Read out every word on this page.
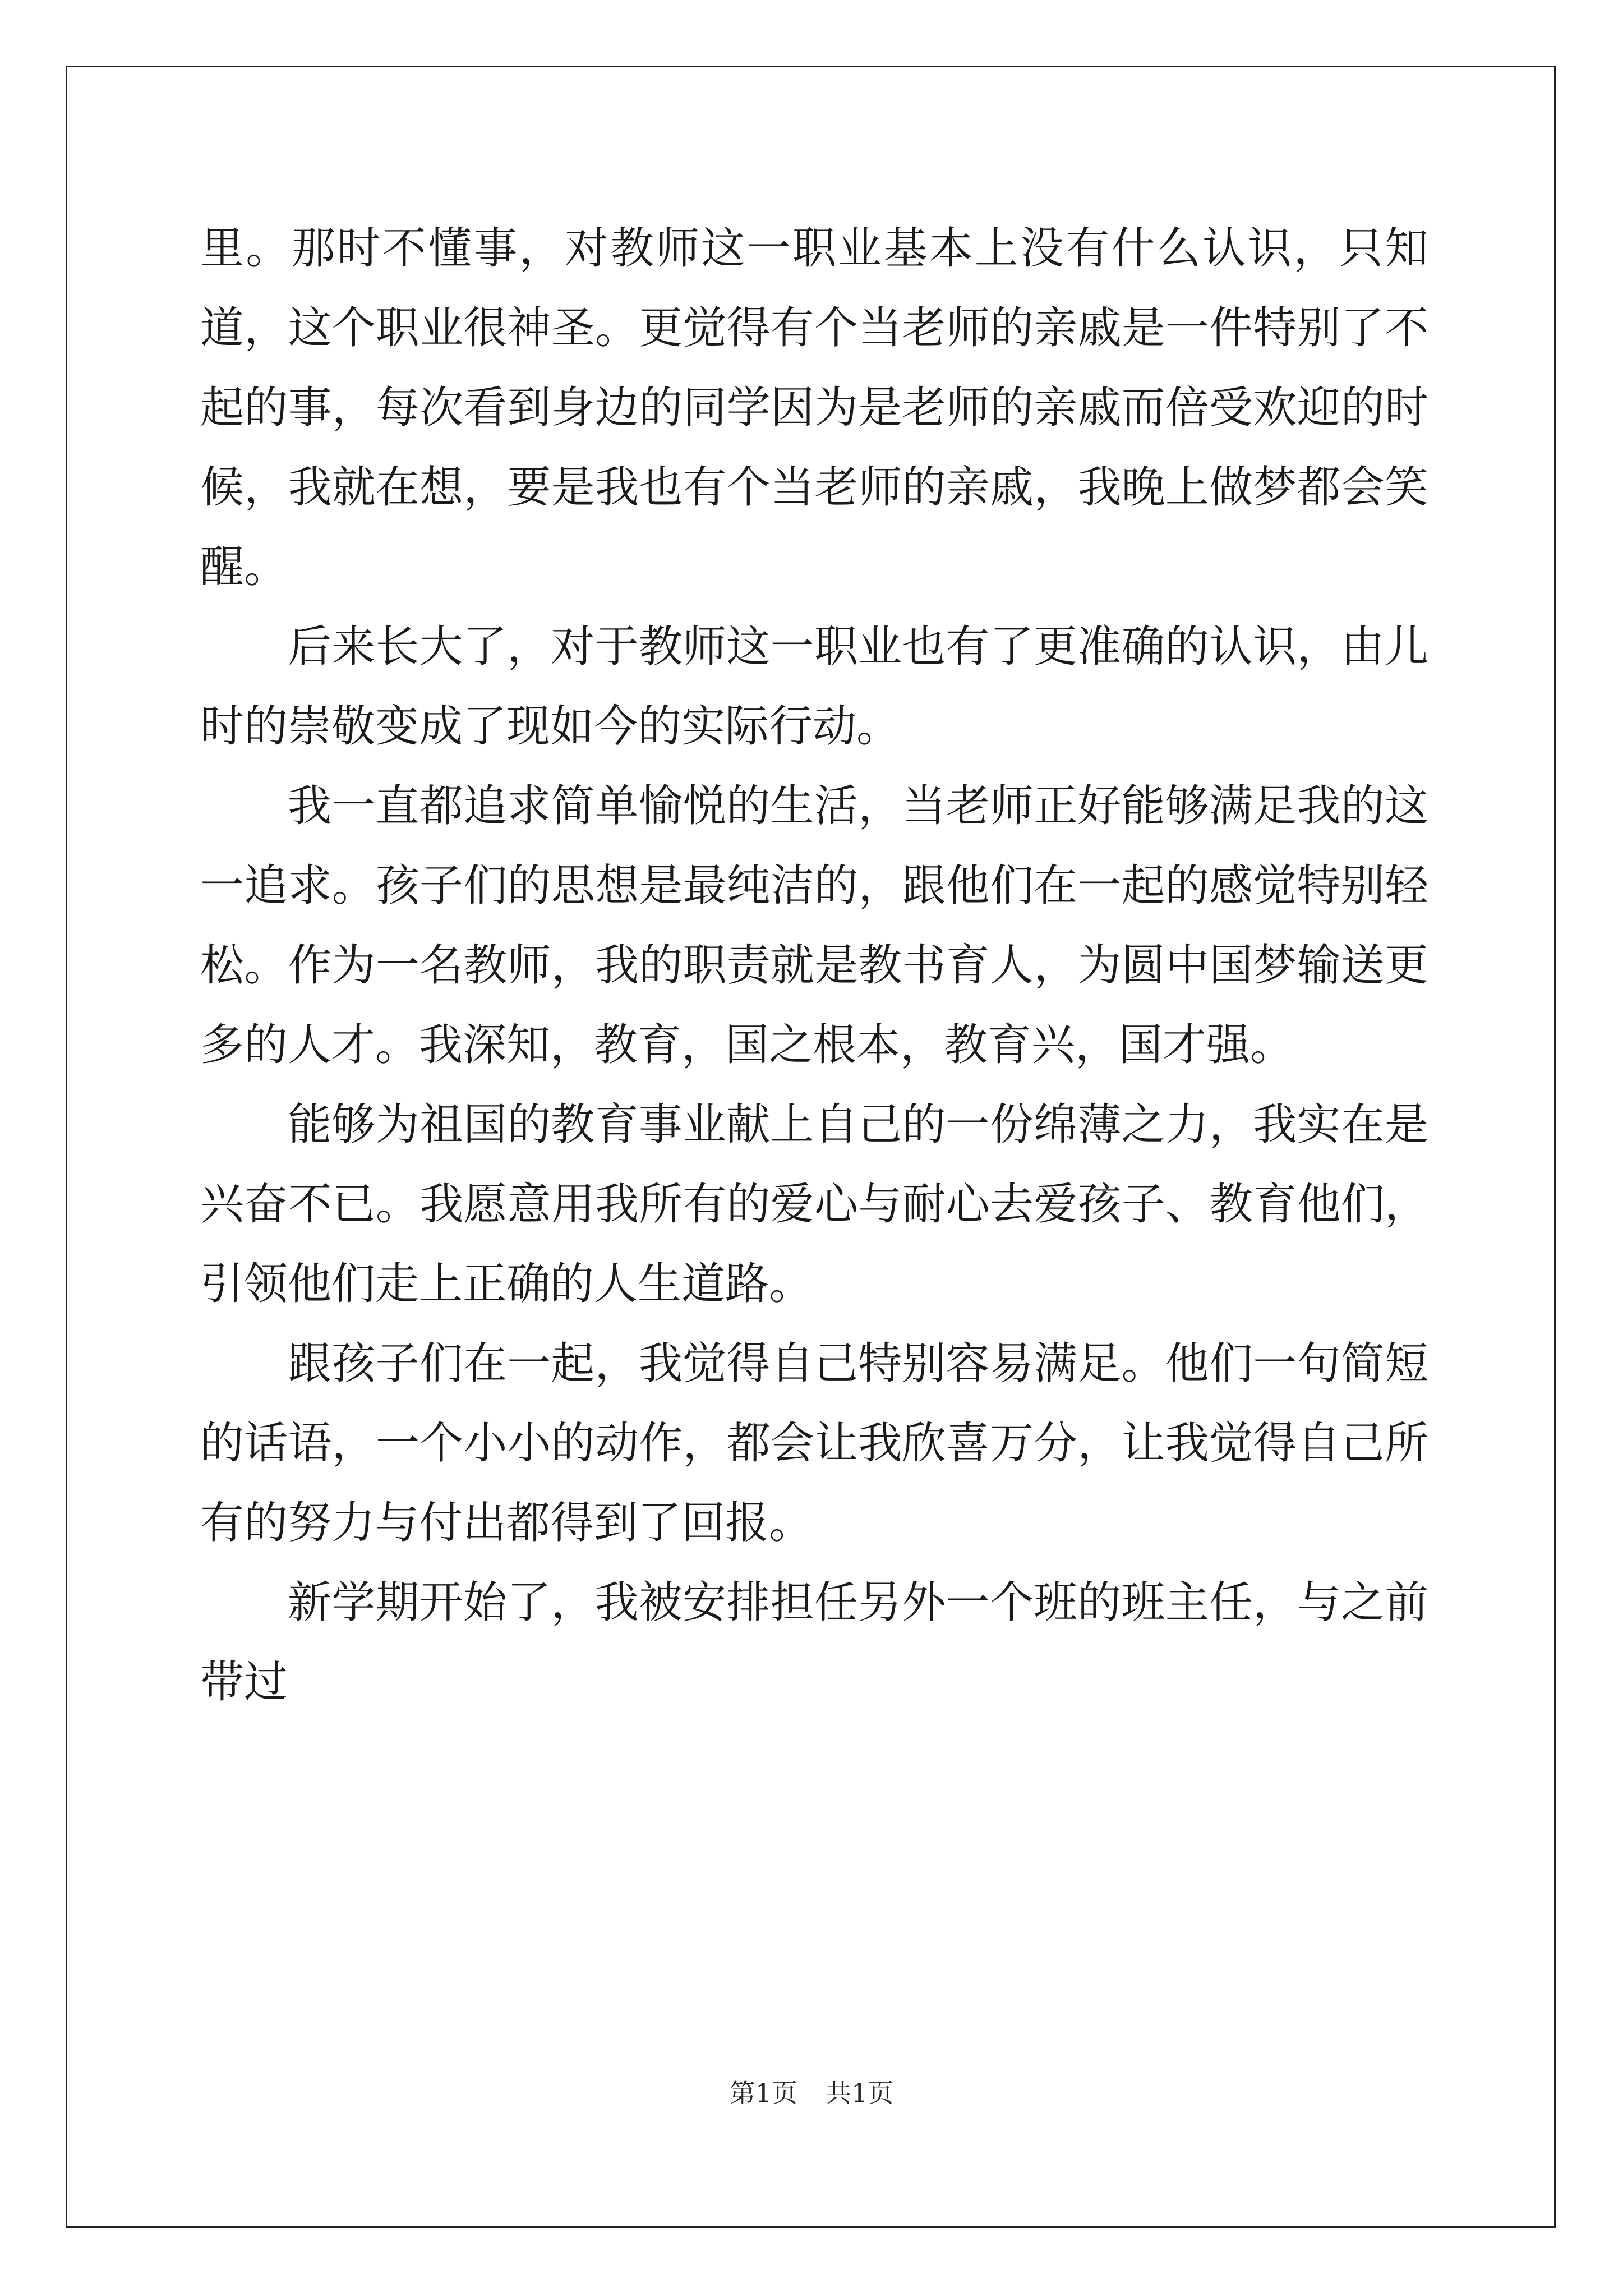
里。那时不懂事，对教师这一职业基本上没有什么认识，只知道，这个职业很神圣。更觉得有个当老师的亲戚是一件特别了不起的事，每次看到身边的同学因为是老师的亲戚而倍受欢迎的时候，我就在想，要是我也有个当老师的亲戚，我晚上做梦都会笑醒。

后来长大了，对于教师这一职业也有了更准确的认识，由儿时的崇敬变成了现如今的实际行动。

我一直都追求简单愉悦的生活，当老师正好能够满足我的这一追求。孩子们的思想是最纯洁的，跟他们在一起的感觉特别轻松。作为一名教师，我的职责就是教书育人，为圆中国梦输送更多的人才。我深知，教育，国之根本，教育兴，国才强。

能够为祖国的教育事业献上自己的一份绵薄之力，我实在是兴奋不已。我愿意用我所有的爱心与耐心去爱孩子、教育他们，引领他们走上正确的人生道路。

跟孩子们在一起，我觉得自己特别容易满足。他们一句简短的话语，一个小小的动作，都会让我欣喜万分，让我觉得自己所有的努力与付出都得到了回报。

新学期开始了，我被安排担任另外一个班的班主任，与之前带过

第1页 共1页
